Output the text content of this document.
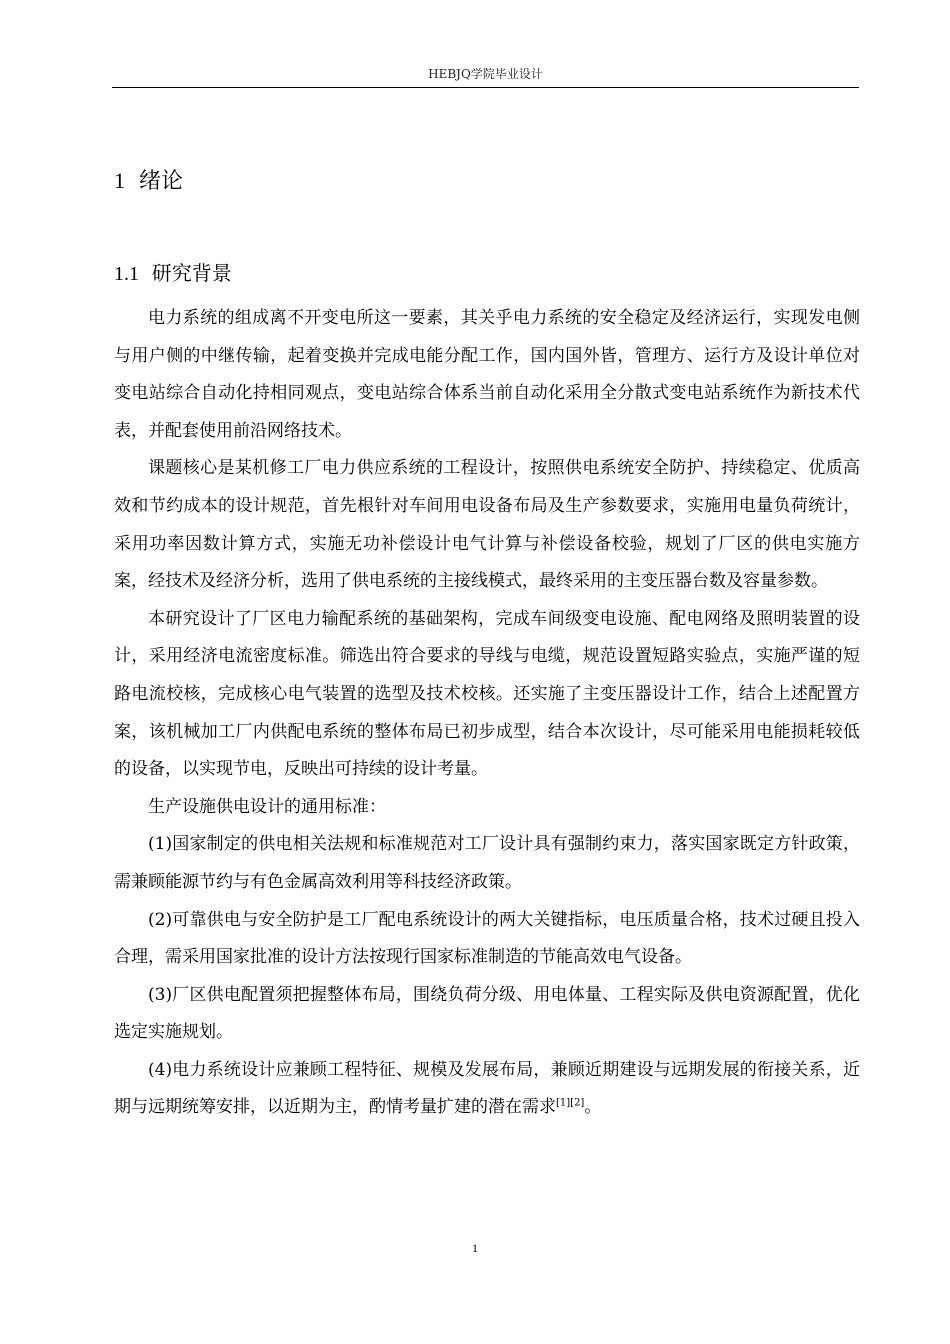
HEBJQ学院毕业设计
1 绪论
1.1 研究背景

电力系统的组成离不开变电所这一要素，其关乎电力系统的安全稳定及经济运行，实现发电侧与用户侧的中继传输，起着变换并完成电能分配工作，国内国外皆，管理方、运行方及设计单位对变电站综合自动化持相同观点，变电站综合体系当前自动化采用全分散式变电站系统作为新技术代表，并配套使用前沿网络技术。

课题核心是某机修工厂电力供应系统的工程设计，按照供电系统安全防护、持续稳定、优质高效和节约成本的设计规范，首先根针对车间用电设备布局及生产参数要求，实施用电量负荷统计，采用功率因数计算方式，实施无功补偿设计电气计算与补偿设备校验，规划了厂区的供电实施方案，经技术及经济分析，选用了供电系统的主接线模式，最终采用的主变压器台数及容量参数。

本研究设计了厂区电力输配系统的基础架构，完成车间级变电设施、配电网络及照明装置的设计，采用经济电流密度标准。筛选出符合要求的导线与电缆，规范设置短路实验点，实施严谨的短路电流校核，完成核心电气装置的选型及技术校核。还实施了主变压器设计工作，结合上述配置方案，该机械加工厂内供配电系统的整体布局已初步成型，结合本次设计，尽可能采用电能损耗较低的设备，以实现节电，反映出可持续的设计考量。

生产设施供电设计的通用标准：

(1)国家制定的供电相关法规和标准规范对工厂设计具有强制约束力，落实国家既定方针政策，需兼顾能源节约与有色金属高效利用等科技经济政策。

(2)可靠供电与安全防护是工厂配电系统设计的两大关键指标，电压质量合格，技术过硬且投入合理，需采用国家批准的设计方法按现行国家标准制造的节能高效电气设备。

(3)厂区供电配置须把握整体布局，围绕负荷分级、用电体量、工程实际及供电资源配置，优化选定实施规划。

(4)电力系统设计应兼顾工程特征、规模及发展布局，兼顾近期建设与远期发展的衔接关系，近期与远期统筹安排，以近期为主，酌情考量扩建的潜在需求[1][2]。

1
